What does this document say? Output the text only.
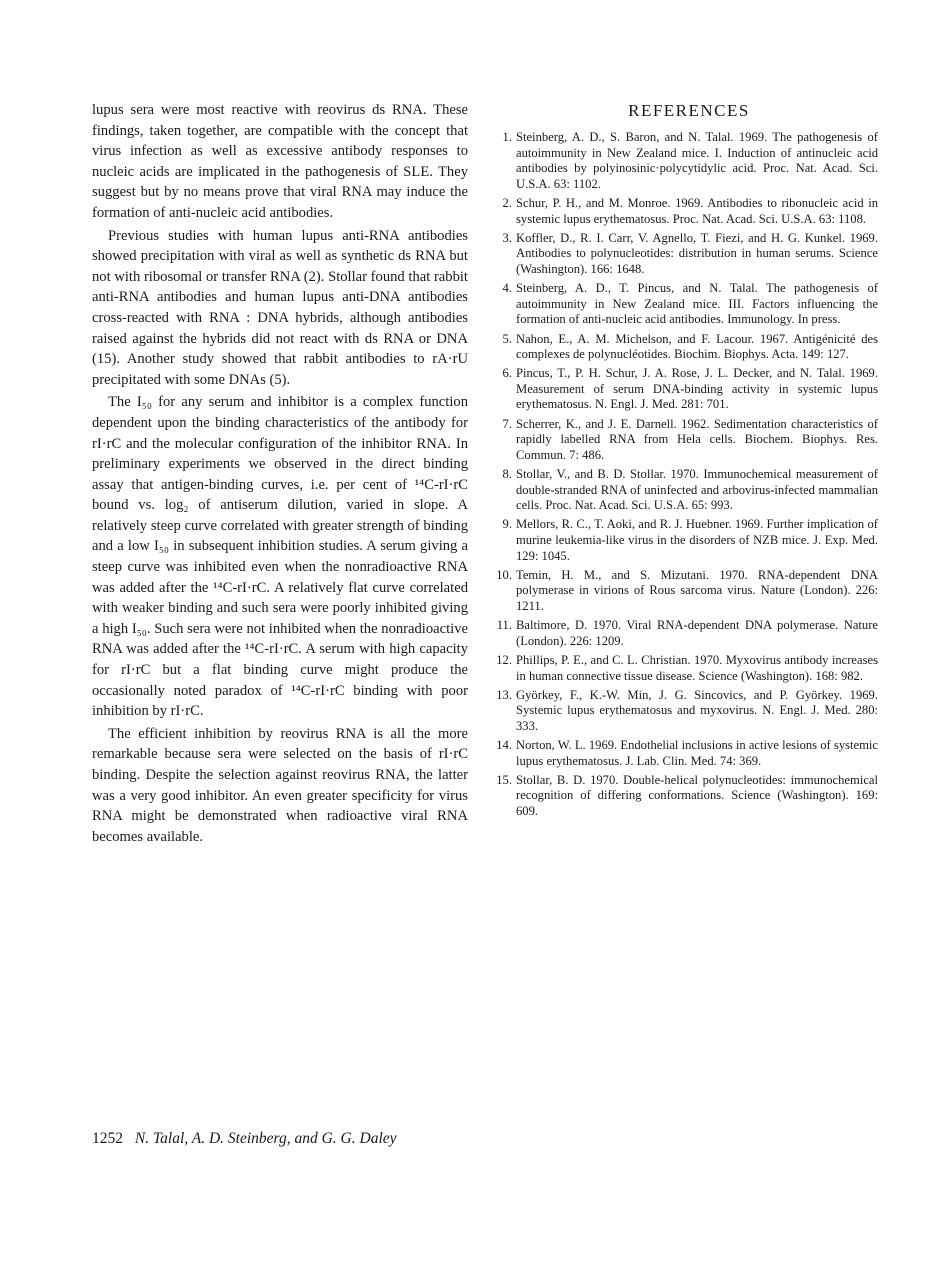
lupus sera were most reactive with reovirus ds RNA. These findings, taken together, are compatible with the concept that virus infection as well as excessive antibody responses to nucleic acids are implicated in the pathogenesis of SLE. They suggest but by no means prove that viral RNA may induce the formation of anti-nucleic acid antibodies.

Previous studies with human lupus anti-RNA antibodies showed precipitation with viral as well as synthetic ds RNA but not with ribosomal or transfer RNA (2). Stollar found that rabbit anti-RNA antibodies and human lupus anti-DNA antibodies cross-reacted with RNA : DNA hybrids, although antibodies raised against the hybrids did not react with ds RNA or DNA (15). Another study showed that rabbit antibodies to rA·rU precipitated with some DNAs (5).

The I₅₀ for any serum and inhibitor is a complex function dependent upon the binding characteristics of the antibody for rI·rC and the molecular configuration of the inhibitor RNA. In preliminary experiments we observed in the direct binding assay that antigen-binding curves, i.e. per cent of ¹⁴C-rI·rC bound vs. log₂ of antiserum dilution, varied in slope. A relatively steep curve correlated with greater strength of binding and a low I₅₀ in subsequent inhibition studies. A serum giving a steep curve was inhibited even when the nonradioactive RNA was added after the ¹⁴C-rI·rC. A relatively flat curve correlated with weaker binding and such sera were poorly inhibited giving a high I₅₀. Such sera were not inhibited when the nonradioactive RNA was added after the ¹⁴C-rI·rC. A serum with high capacity for rI·rC but a flat binding curve might produce the occasionally noted paradox of ¹⁴C-rI·rC binding with poor inhibition by rI·rC.

The efficient inhibition by reovirus RNA is all the more remarkable because sera were selected on the basis of rI·rC binding. Despite the selection against reovirus RNA, the latter was a very good inhibitor. An even greater specificity for virus RNA might be demonstrated when radioactive viral RNA becomes available.

REFERENCES
1. Steinberg, A. D., S. Baron, and N. Talal. 1969. The pathogenesis of autoimmunity in New Zealand mice. I. Induction of antinucleic acid antibodies by polyinosinic·polycytidylic acid. Proc. Nat. Acad. Sci. U.S.A. 63: 1102.
2. Schur, P. H., and M. Monroe. 1969. Antibodies to ribonucleic acid in systemic lupus erythematosus. Proc. Nat. Acad. Sci. U.S.A. 63: 1108.
3. Koffler, D., R. I. Carr, V. Agnello, T. Fiezi, and H. G. Kunkel. 1969. Antibodies to polynucleotides: distribution in human serums. Science (Washington). 166: 1648.
4. Steinberg, A. D., T. Pincus, and N. Talal. The pathogenesis of autoimmunity in New Zealand mice. III. Factors influencing the formation of anti-nucleic acid antibodies. Immunology. In press.
5. Nahon, E., A. M. Michelson, and F. Lacour. 1967. Antigénicité des complexes de polynucléotides. Biochim. Biophys. Acta. 149: 127.
6. Pincus, T., P. H. Schur, J. A. Rose, J. L. Decker, and N. Talal. 1969. Measurement of serum DNA-binding activity in systemic lupus erythematosus. N. Engl. J. Med. 281: 701.
7. Scherrer, K., and J. E. Darnell. 1962. Sedimentation characteristics of rapidly labelled RNA from Hela cells. Biochem. Biophys. Res. Commun. 7: 486.
8. Stollar, V., and B. D. Stollar. 1970. Immunochemical measurement of double-stranded RNA of uninfected and arbovirus-infected mammalian cells. Proc. Nat. Acad. Sci. U.S.A. 65: 993.
9. Mellors, R. C., T. Aoki, and R. J. Huebner. 1969. Further implication of murine leukemia-like virus in the disorders of NZB mice. J. Exp. Med. 129: 1045.
10. Temin, H. M., and S. Mizutani. 1970. RNA-dependent DNA polymerase in virions of Rous sarcoma virus. Nature (London). 226: 1211.
11. Baltimore, D. 1970. Viral RNA-dependent DNA polymerase. Nature (London). 226: 1209.
12. Phillips, P. E., and C. L. Christian. 1970. Myxovirus antibody increases in human connective tissue disease. Science (Washington). 168: 982.
13. Györkey, F., K.-W. Min, J. G. Sincovics, and P. Györkey. 1969. Systemic lupus erythematosus and myxovirus. N. Engl. J. Med. 280: 333.
14. Norton, W. L. 1969. Endothelial inclusions in active lesions of systemic lupus erythematosus. J. Lab. Clin. Med. 74: 369.
15. Stollar, B. D. 1970. Double-helical polynucleotides: immunochemical recognition of differing conformations. Science (Washington). 169: 609.
1252 N. Talal, A. D. Steinberg, and G. G. Daley
